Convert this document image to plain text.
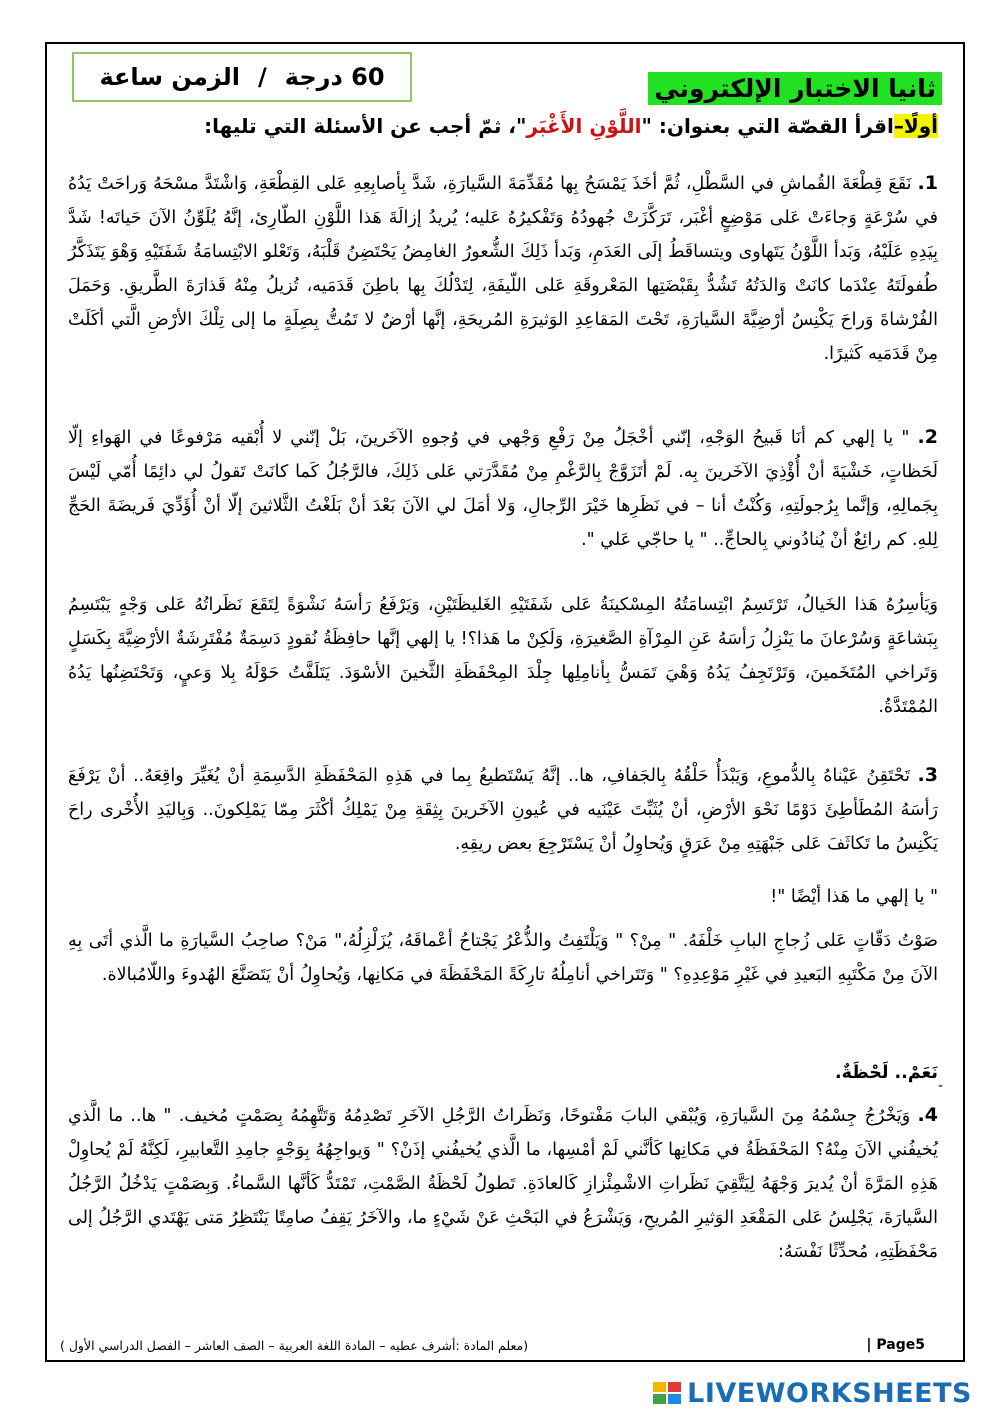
60 درجة
/
الزمن ساعة	ثانيا الاختبار الإلكتروني
أولًا–اقرأ القصّة التي بعنوان: "اللَّوْنِ الأَغْبَر"، ثمّ أجب عن الأسئلة التي تليها:
1. نَقَعَ قِطْعَةَ القُماشِ في السَّطْلِ، ثُمَّ أخَذَ يَمْسَحُ بِها مُقَدِّمَةَ السَّيارَةِ، شَدَّ بِأصابِعِهِ عَلى القِطْعَةِ، وَاشْتَدَّ مسْحَهُ وَراحَتْ يَدُهُ في سُرْعَةٍ وَجاءَتْ عَلى مَوْضِعٍ أغْبَر، تَرَكَّزَتْ جُهودُهُ وَتَفْكيرُهُ عَليه؛ يُريدُ إزالَةَ هَذا اللَّوْنِ الطّارِئ، إنَّهُ يُلَوِّنُ الآنَ حَياتَه! شَدَّ بِيَدِهِ عَلَيْهُ، وَبَدأ اللَّوْنُ يَتَهاوى ويتساقَطُ إلَى العَدَمِ، وَبَدأ ذَلِكَ الشُّعورُ الغامِضُ يَحْتَضِنُ قَلْبَهُ، وَتَعْلو الابْتِسامَةُ شَفَتَيْهِ وَهْوَ يَتَذَكَّرُ طُفولَتَهُ عِنْدَما كانَتْ وَالدَتُهُ تَشُدُّ بِقَبْضَتِها المَعْروقَةِ عَلى اللّيفَةِ، لِتَدْلُكَ بِها باطِنَ قَدَمَيه، تُزيلُ مِنْهُ قَذارَةَ الطَّريقِ. وَحَمَلَ الفُرْشاةَ وَراحَ يَكْنِسُ أرْضِيَّةَ السَّيارَةِ، تَحْتَ المَقاعِدِ الوَثيرَةِ المُريحَةِ، إنَّها أرْضٌ لا تَمُتُّ بِصِلَةٍ ما إلى تِلْكَ الأرْضِ الَّتي أكَلَتْ مِنْ قَدَمَيه كَثيرًا.
2. " يا إلهي كم أنَا قَبيحُ الوَجْهِ، إنّني أخْجَلُ مِنْ رَفْعِ وَجْهي في وُجوهِ الآخَرينَ، بَلْ إنّني لا أُبْقيه مَرْفوعًا في الهَواءِ إلّا لَحَظاتٍ، خَشْيَةَ أنْ أُؤْذِيَ الآخَرينَ بِه. لَمْ أتَزَوَّجْ بِالرَّغْمِ مِنْ مُقَدَّرَتي عَلى ذَلِكَ، فالرَّجُلُ كَما كانَتْ تَقولُ لي دائِمًا أُمّي لَيْسَ بِجَمالِهِ، وَإنَّما بِرُجولَتِهِ، وَكُنْتُ أنا – في نَظَرِها خَيْرَ الرِّجالِ، وَلا أمَلَ لي الآنَ بَعْدَ أنْ بَلَغْتُ الثَّلاثينَ إلّا أنْ أُؤَدِّيَ فَريضَةَ الحَجِّ لِلهِ. كم رائِعٌ أنْ يُنادُوني بِالحاجِّ.. " يا حاجّي عَلي ".
وَيَأسِرُهُ هَذا الخَيالُ، تَرْتَسِمُ ابْتِسامَتُهُ المِسْكينَةُ عَلى شَفَتَيْهِ الغَليظَتَيْنِ، وَيَرْفَعُ رَأسَهُ نَشْوَةً لِتَقَعَ نَظَراتُهُ عَلى وَجْهٍ يَبْتَسِمُ بِبَشاعَةٍ وَسُرْعانَ ما يَنْزِلُ رَأسَهُ عَنِ المِرْآةِ الصَّغيرَةِ، وَلَكِنْ ما هَذا؟! يا إلهي إنَّها حافِظَةُ نُقودٍ دَسِمَةٌ مُفْتَرِشَةٌ الأرْضِيَّةَ بِكَسَلٍ وَتَراخي المُتَخَمينَ، وَتَرْتَجِفُ يَدُهُ وَهْيَ تَمَسُّ بِأنامِلِها جِلْدَ المِحْفَظَةِ الثَّخينَ الأسْوَدَ. يَتَلَفَّتُ حَوْلَهُ بِلا وَعيٍ، وَتَحْتَضِنُها يَدُهُ المُمْتَدَّةُ.
3. تَحْتَقِنُ عَيْناهُ بِالدُّموعِ، وَيَبْدَأُ حَلْقُهُ بِالجَفافِ، ها.. إنَّهُ يَسْتَطيعُ بِما في هَذِهِ المَحْفَظَةِ الدَّسِمَةِ أنْ يُغَيِّرَ واقِعَهُ.. أنْ يَرْفَعَ رَأسَهُ المُطَأطِئَ دَوْمًا نَحْوَ الأرْضِ، أنْ يُثَبِّتَ عَيْنَيه في عُيونِ الآخَرينَ بِثِقَةِ مِنْ يَمْلِكُ أكْثَرَ مِمّا يَمْلِكونَ.. وَبِاليَدِ الأُخْرى راحَ يَكْنِسُ ما تَكاثَفَ عَلى جَبْهَتِهِ مِنْ عَرَقٍ وَيُحاوِلُ أنْ يَسْتَرْجِعَ بعض ريقِهِ.
" يا إلهي ما هَذا أيْضًا "!
صَوْتُ دَقّاتٍ عَلى زُجاجِ البابِ خَلْفَهُ. " مِنْ؟ " وَيَلْتَفِتُ والذُّعْرُ يَجْتاحُ أعْماقَهُ، يُزَلْزِلُهُ،" مَنْ؟ صاحِبُ السَّيارَةِ ما الَّذي أتَى بِهِ الآنَ مِنْ مَكْتَبِهِ البَعيدِ في غَيْرِ مَوْعِدِهِ؟ " وَتَتَراخي أنامِلُهُ تارِكَةً المَحْفَظَةَ في مَكانِها، وَيُحاوِلُ أنْ يَتَصَنَّعَ الهُدوءَ واللّامُبالاة.
نَعَمْ.. لَحْظَةٌ.
-
4. وَيَخْرُجُ جِسْمُهُ مِنَ السَّيارَةِ، وَيُبْقي البابَ مَفْتوحًا، وَنَظَراتُ الرَّجُلِ الآخَرِ تَصْدِمُهُ وَتَتَّهِمُهُ بِصَمْتٍ مُخيف. " ها.. ما الَّذي يُخيفُني الآنَ مِنْهُ؟ المَحْفَظَةُ في مَكانِها كَأنَّني لَمْ أمْسِها، ما الَّذي يُخيفُني إذَنْ؟ " وَيواجِهُهُ بِوَجْهٍ جامِدِ التَّعابيرِ، لَكِنَّهُ لَمْ يُحاوِلْ هَذِهِ المَرَّةَ أنْ يُديرَ وَجْهَهُ لِيَتَّقِيَ نَظَراتِ الاشْمِئْزازِ كَالعادَةِ. تَطولُ لَحْظَةُ الصَّمْتِ، تَمْتَدُّ كَأنَّها السَّماءُ. وَبِصَمْتٍ يَدْخُلُ الرَّجُلُ السَّيارَةَ، يَجْلِسُ عَلى المَقْعَدِ الوَثيرِ المُريحِ، وَيَشْرَعُ في البَحْثِ عَنْ شَيْءٍ ما، والآخَرُ يَقِفُ صامِتًا يَنْتَظِرُ مَتى يَهْتَدي الرَّجُلُ إلى مَحْفَظَتِهِ، مُحدِّثًا نَفْسَهُ:
(معلم المادة :أشرف عطيه – المادة اللغة العربية – الصف العاشر – الفصل الدراسي الأول )	| Page5
LIVEWORKSHEETS
